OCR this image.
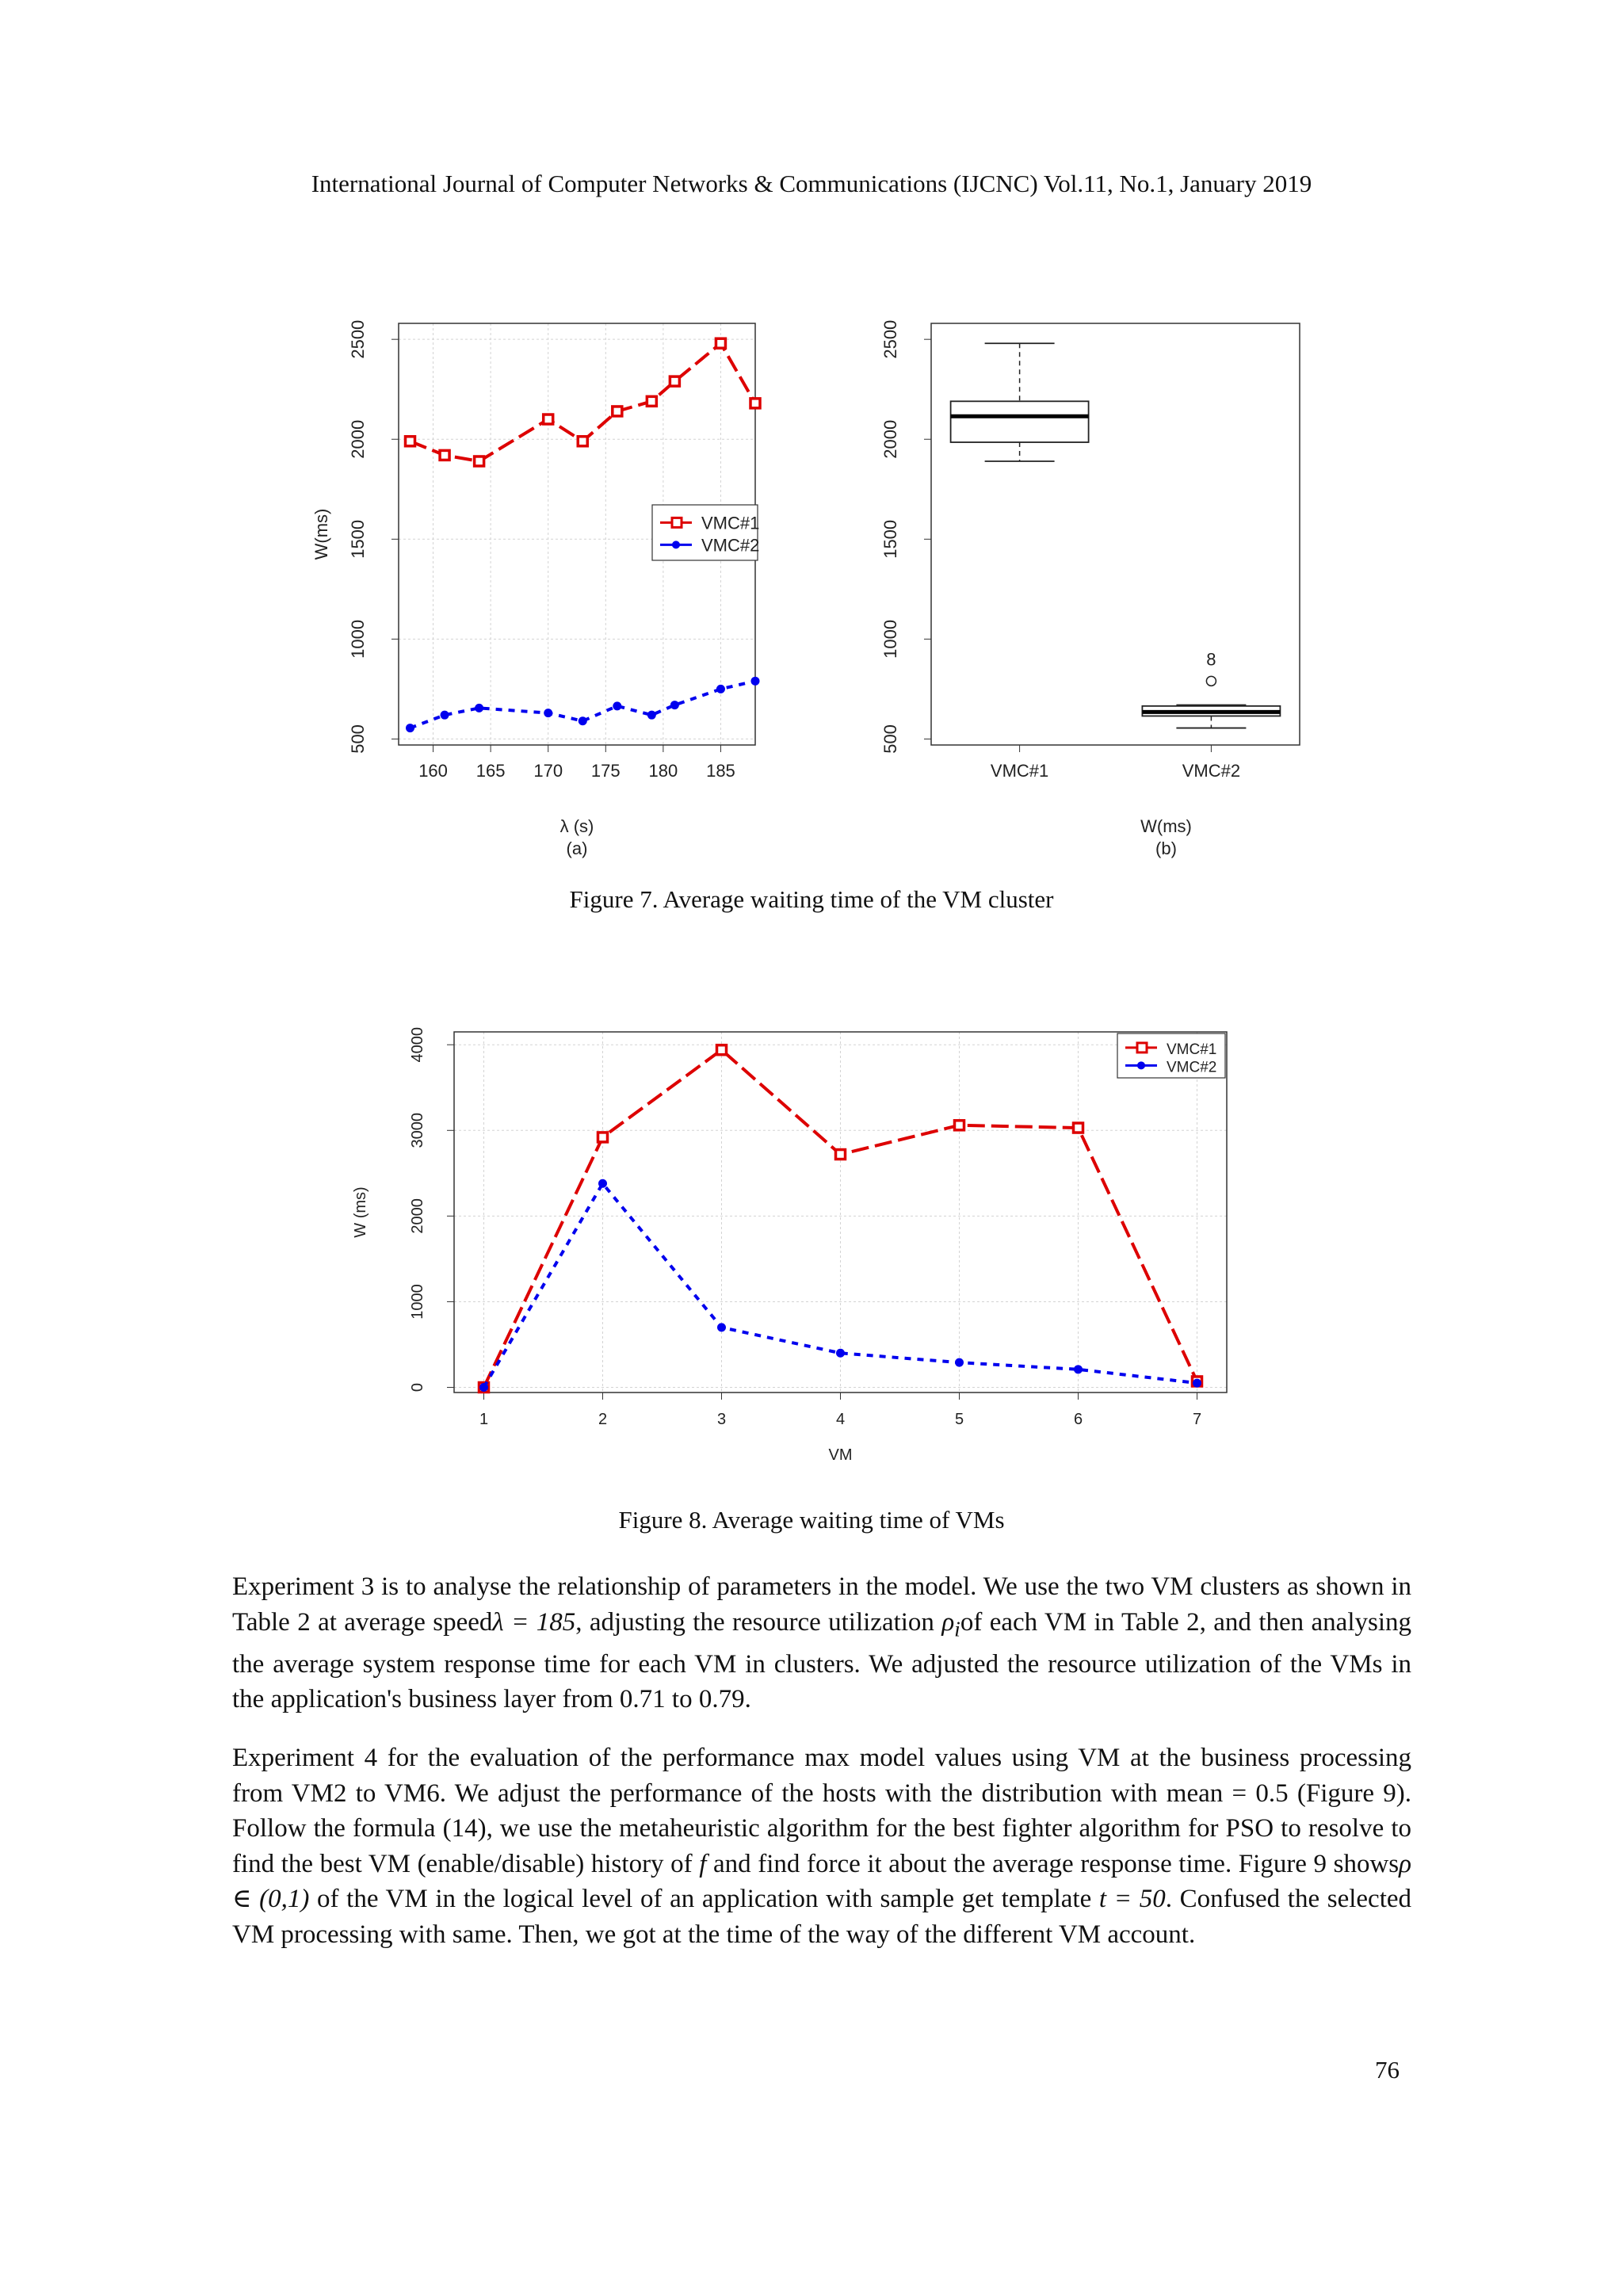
International Journal of Computer Networks & Communications (IJCNC) Vol.11, No.1, January 2019
160 165 170 175 180 185
500
1000
1500
2000
2500
λ (s)
W(ms)	VMC#1
VMC#2
(a)
500
1000
1500
2000
2500
VMC#1	VMC#2
8
W(ms)
(b)
Figure 7. Average waiting time of the VM cluster
1	2	3	4	5	6	7
0
1000
2000
3000
4000
VM
W (ms)
VMC#1
VMC#2
Figure 8. Average waiting time of VMs

Experiment 3 is to analyse the relationship of parameters in the model. We use the two VM clusters as shown in Table 2 at average speedλ = 185, adjusting the resource utilization $\rho_iof$ each VM in Table 2, and then analysing the average system response time for each VM in clusters. We adjusted the resource utilization of the VMs in the application's business layer from 0.71 to 0.79.

Experiment 4 for the evaluation of the performance max model values using VM at the business processing from VM2 to VM6. We adjust the performance of the hosts with the distribution with mean = 0.5 (Figure 9). Follow the formula (14), we use the metaheuristic algorithm for the best fighter algorithm for PSO to resolve to find the best VM (enable/disable) history of f and find force it about the average response time. Figure 9 showsρ ∈ (0,1) of the VM in the logical level of an application with sample get template t = 50. Confused the selected VM processing with same. Then, we got at the time of the way of the different VM account.

76
